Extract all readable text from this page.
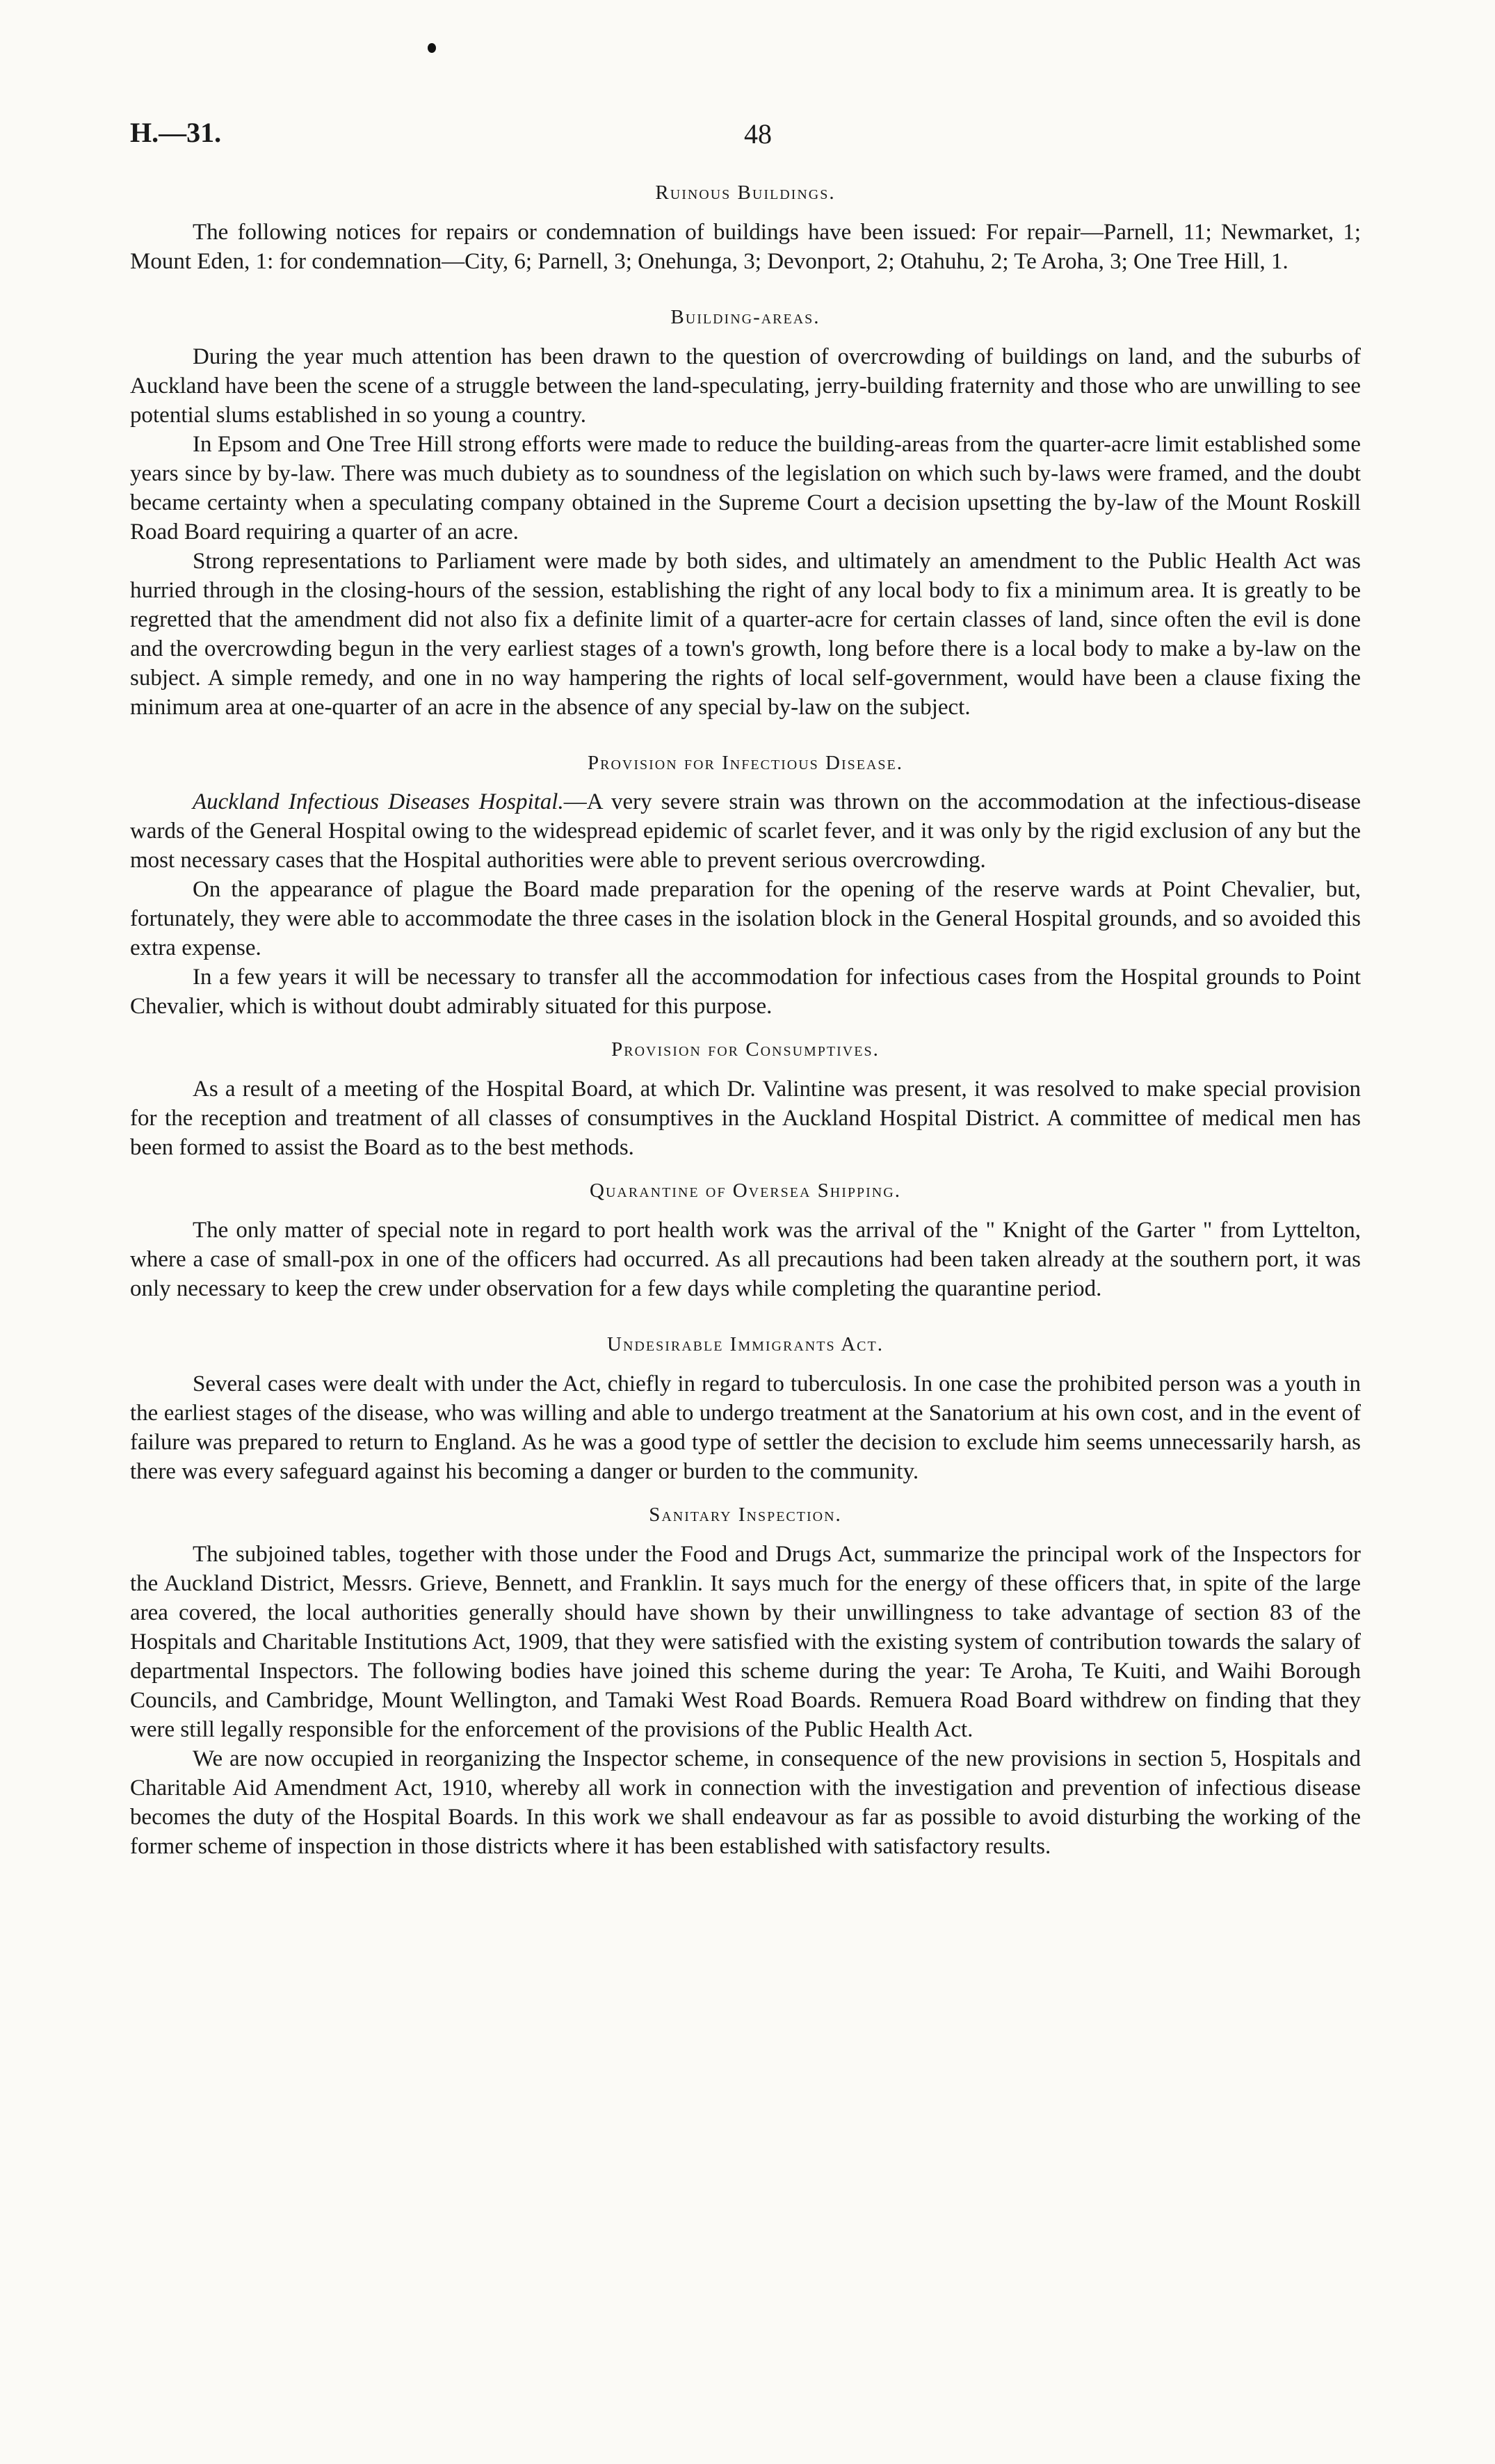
H.—31.	48

Ruinous Buildings.

The following notices for repairs or condemnation of buildings have been issued: For repair—Parnell, 11; Newmarket, 1; Mount Eden, 1: for condemnation—City, 6; Parnell, 3; Onehunga, 3; Devonport, 2; Otahuhu, 2; Te Aroha, 3; One Tree Hill, 1.

Building-areas.

During the year much attention has been drawn to the question of overcrowding of buildings on land, and the suburbs of Auckland have been the scene of a struggle between the land-speculating, jerry-building fraternity and those who are unwilling to see potential slums established in so young a country.

In Epsom and One Tree Hill strong efforts were made to reduce the building-areas from the quarter-acre limit established some years since by by-law. There was much dubiety as to soundness of the legislation on which such by-laws were framed, and the doubt became certainty when a speculating company obtained in the Supreme Court a decision upsetting the by-law of the Mount Roskill Road Board requiring a quarter of an acre.

Strong representations to Parliament were made by both sides, and ultimately an amendment to the Public Health Act was hurried through in the closing-hours of the session, establishing the right of any local body to fix a minimum area. It is greatly to be regretted that the amendment did not also fix a definite limit of a quarter-acre for certain classes of land, since often the evil is done and the overcrowding begun in the very earliest stages of a town's growth, long before there is a local body to make a by-law on the subject. A simple remedy, and one in no way hampering the rights of local self-government, would have been a clause fixing the minimum area at one-quarter of an acre in the absence of any special by-law on the subject.

Provision for Infectious Disease.

Auckland Infectious Diseases Hospital.—A very severe strain was thrown on the accommodation at the infectious-disease wards of the General Hospital owing to the widespread epidemic of scarlet fever, and it was only by the rigid exclusion of any but the most necessary cases that the Hospital authorities were able to prevent serious overcrowding.

On the appearance of plague the Board made preparation for the opening of the reserve wards at Point Chevalier, but, fortunately, they were able to accommodate the three cases in the isolation block in the General Hospital grounds, and so avoided this extra expense.

In a few years it will be necessary to transfer all the accommodation for infectious cases from the Hospital grounds to Point Chevalier, which is without doubt admirably situated for this purpose.

Provision for Consumptives.

As a result of a meeting of the Hospital Board, at which Dr. Valintine was present, it was resolved to make special provision for the reception and treatment of all classes of consumptives in the Auckland Hospital District. A committee of medical men has been formed to assist the Board as to the best methods.

Quarantine of Oversea Shipping.

The only matter of special note in regard to port health work was the arrival of the " Knight of the Garter " from Lyttelton, where a case of small-pox in one of the officers had occurred. As all precautions had been taken already at the southern port, it was only necessary to keep the crew under observation for a few days while completing the quarantine period.

Undesirable Immigrants Act.

Several cases were dealt with under the Act, chiefly in regard to tuberculosis. In one case the prohibited person was a youth in the earliest stages of the disease, who was willing and able to undergo treatment at the Sanatorium at his own cost, and in the event of failure was prepared to return to England. As he was a good type of settler the decision to exclude him seems unnecessarily harsh, as there was every safeguard against his becoming a danger or burden to the community.

Sanitary Inspection.

The subjoined tables, together with those under the Food and Drugs Act, summarize the principal work of the Inspectors for the Auckland District, Messrs. Grieve, Bennett, and Franklin. It says much for the energy of these officers that, in spite of the large area covered, the local authorities generally should have shown by their unwillingness to take advantage of section 83 of the Hospitals and Charitable Institutions Act, 1909, that they were satisfied with the existing system of contribution towards the salary of departmental Inspectors. The following bodies have joined this scheme during the year: Te Aroha, Te Kuiti, and Waihi Borough Councils, and Cambridge, Mount Wellington, and Tamaki West Road Boards. Remuera Road Board withdrew on finding that they were still legally responsible for the enforcement of the provisions of the Public Health Act.

We are now occupied in reorganizing the Inspector scheme, in consequence of the new provisions in section 5, Hospitals and Charitable Aid Amendment Act, 1910, whereby all work in connection with the investigation and prevention of infectious disease becomes the duty of the Hospital Boards. In this work we shall endeavour as far as possible to avoid disturbing the working of the former scheme of inspection in those districts where it has been established with satisfactory results.
